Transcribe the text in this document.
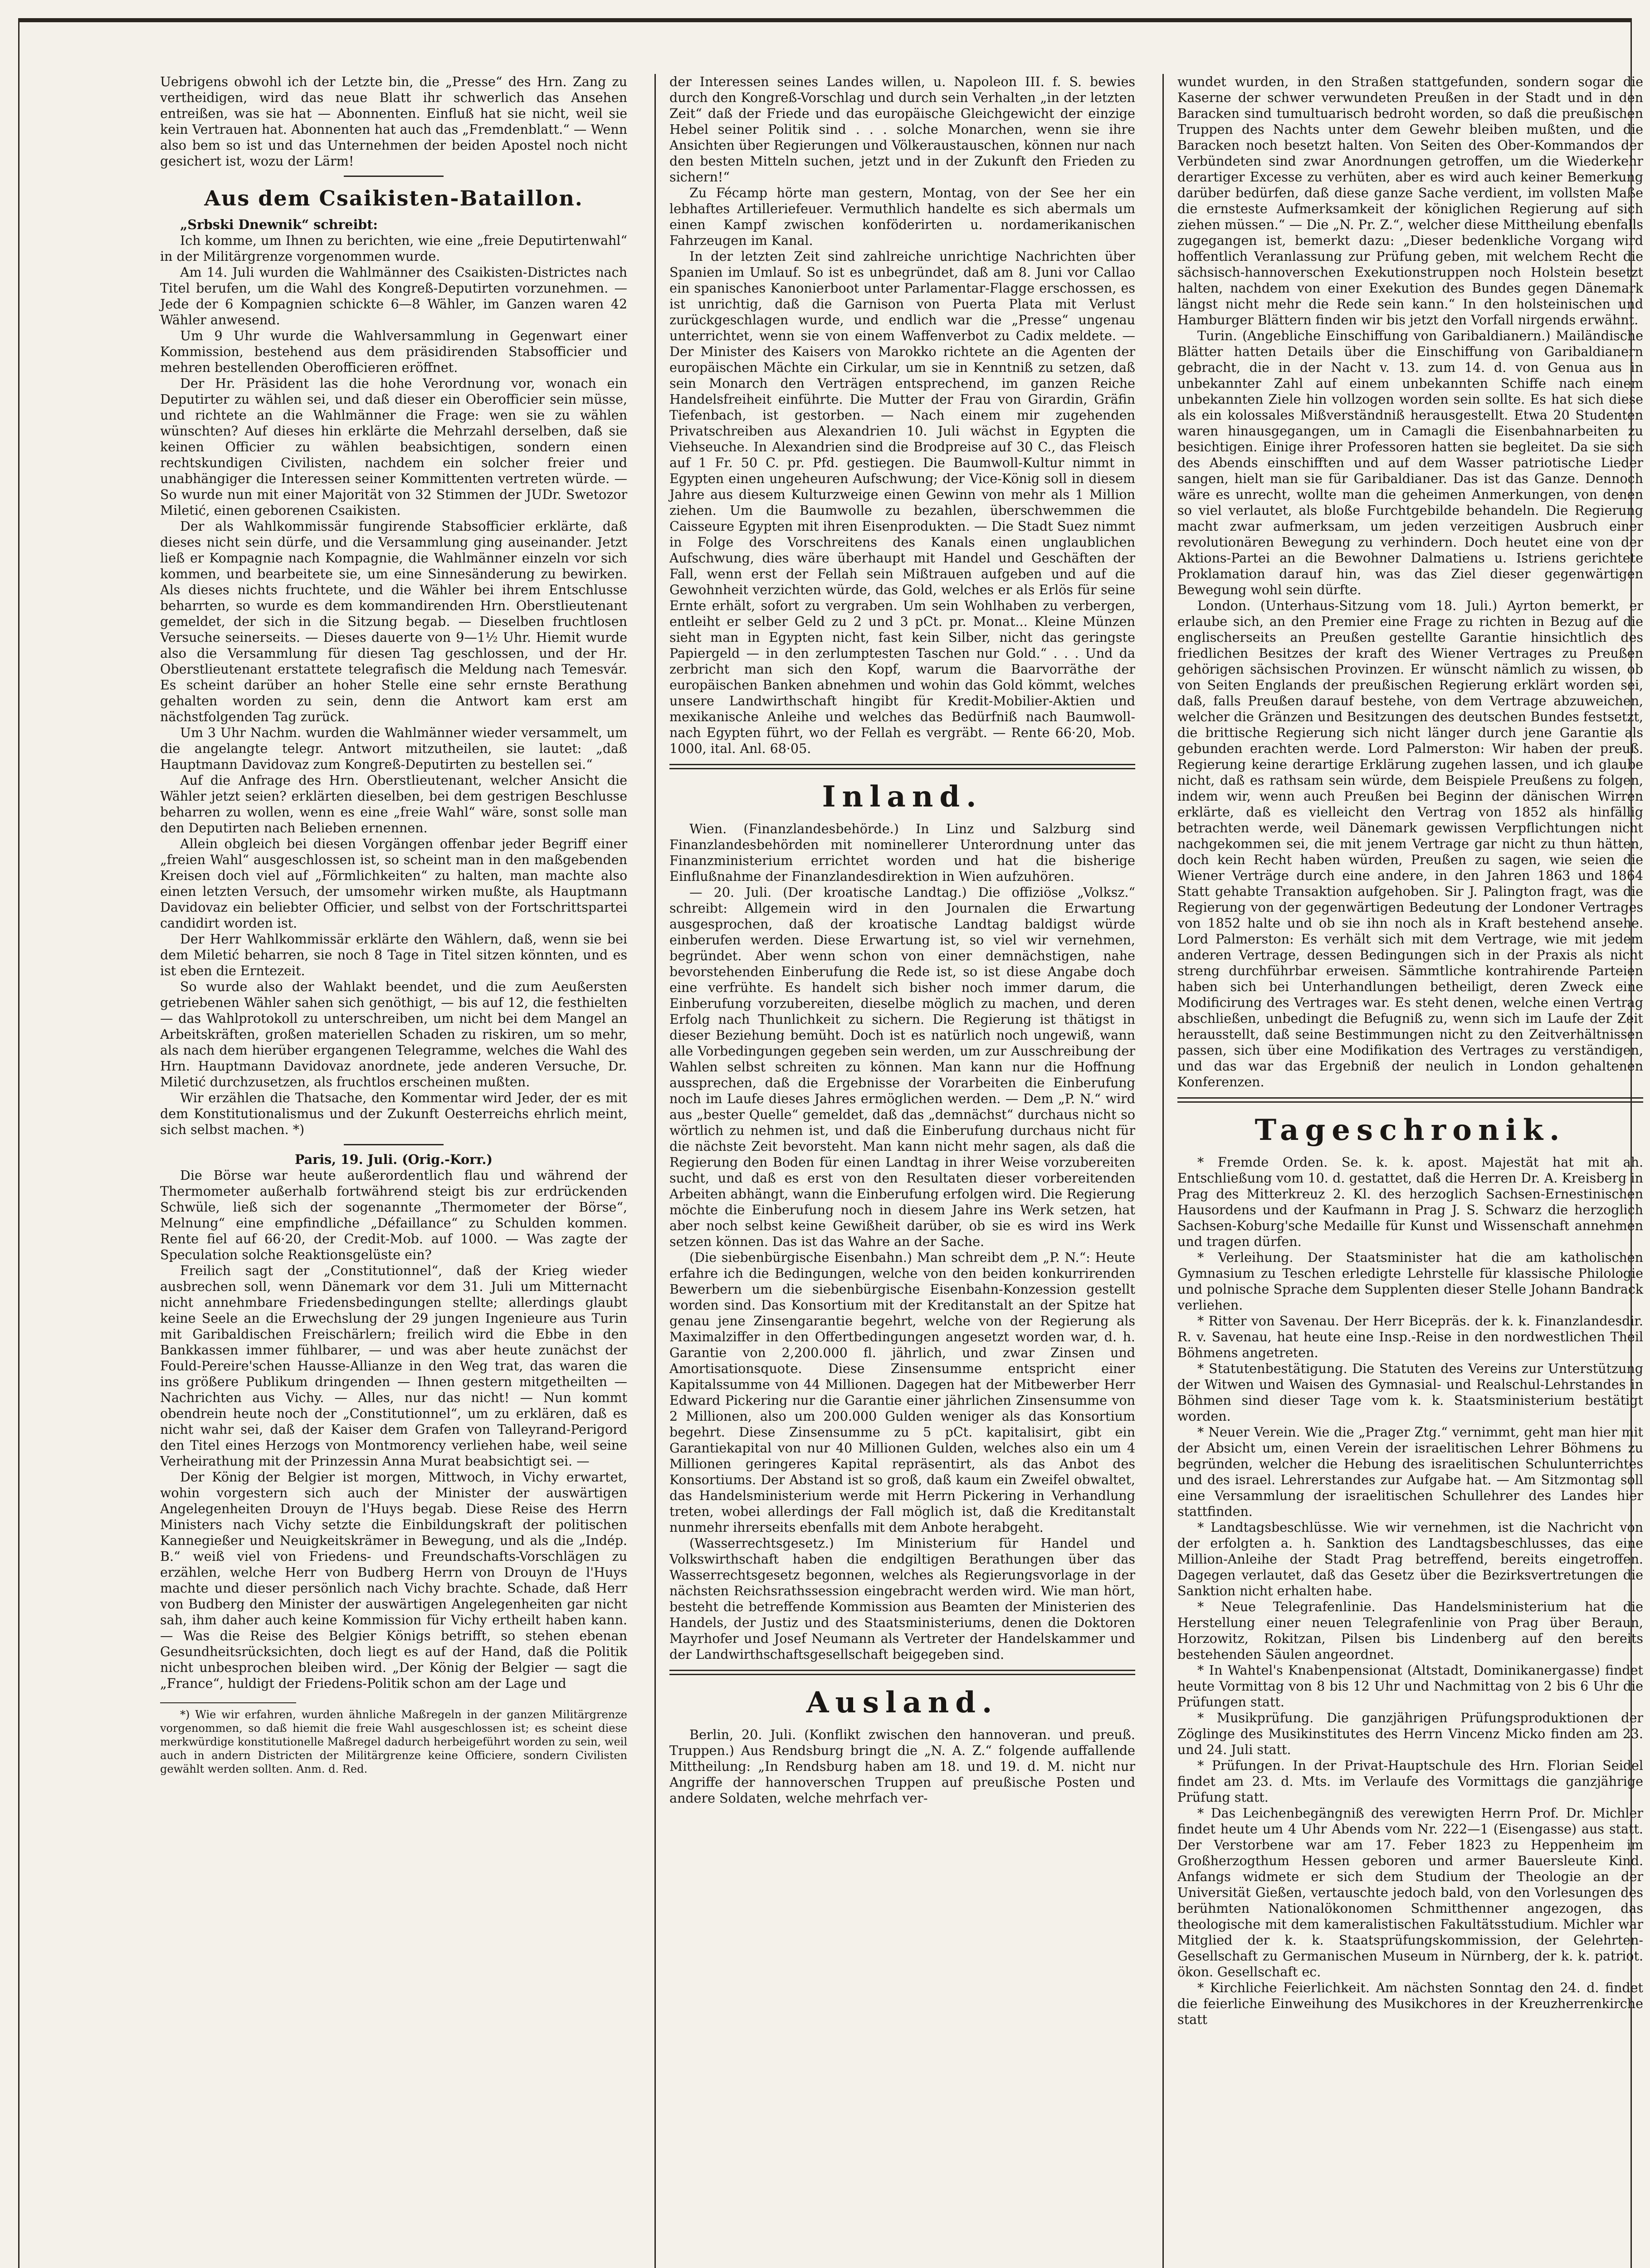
Uebrigens obwohl ich der Letzte bin, die „Presse“ des Hrn. Zang zu vertheidigen, wird das neue Blatt ihr schwerlich das Ansehen entreißen, was sie hat — Abonnenten. Einfluß hat sie nicht, weil sie kein Vertrauen hat. Abonnenten hat auch das „Fremdenblatt.“ — Wenn also bem so ist und das Unternehmen der beiden Apostel noch nicht gesichert ist, wozu der Lärm!

Aus dem Csaikisten-Bataillon.

„Srbski Dnewnik“ schreibt:

Ich komme, um Ihnen zu berichten, wie eine „freie Deputirtenwahl“ in der Militärgrenze vorgenommen wurde.

Am 14. Juli wurden die Wahlmänner des Csaikisten-Districtes nach Titel berufen, um die Wahl des Kongreß-Deputirten vorzunehmen. — Jede der 6 Kompagnien schickte 6—8 Wähler, im Ganzen waren 42 Wähler anwesend.

Um 9 Uhr wurde die Wahlversammlung in Gegenwart einer Kommission, bestehend aus dem präsidirenden Stabsofficier und mehren bestellenden Oberofficieren eröffnet.

Der Hr. Präsident las die hohe Verordnung vor, wonach ein Deputirter zu wählen sei, und daß dieser ein Oberofficier sein müsse, und richtete an die Wahlmänner die Frage: wen sie zu wählen wünschten? Auf dieses hin erklärte die Mehrzahl derselben, daß sie keinen Officier zu wählen beabsichtigen, sondern einen rechtskundigen Civilisten, nachdem ein solcher freier und unabhängiger die Interessen seiner Kommittenten vertreten würde. — So wurde nun mit einer Majorität von 32 Stimmen der JUDr. Swetozor Miletić, einen geborenen Csaikisten.

Der als Wahlkommissär fungirende Stabsofficier erklärte, daß dieses nicht sein dürfe, und die Versammlung ging auseinander. Jetzt ließ er Kompagnie nach Kompagnie, die Wahlmänner einzeln vor sich kommen, und bearbeitete sie, um eine Sinnesänderung zu bewirken. Als dieses nichts fruchtete, und die Wähler bei ihrem Entschlusse beharrten, so wurde es dem kommandirenden Hrn. Oberstlieutenant gemeldet, der sich in die Sitzung begab. — Dieselben fruchtlosen Versuche seinerseits. — Dieses dauerte von 9—1½ Uhr. Hiemit wurde also die Versammlung für diesen Tag geschlossen, und der Hr. Oberstlieutenant erstattete telegrafisch die Meldung nach Temesvár. Es scheint darüber an hoher Stelle eine sehr ernste Berathung gehalten worden zu sein, denn die Antwort kam erst am nächstfolgenden Tag zurück.

Um 3 Uhr Nachm. wurden die Wahlmänner wieder versammelt, um die angelangte telegr. Antwort mitzutheilen, sie lautet: „daß Hauptmann Davidovaz zum Kongreß-Deputirten zu bestellen sei.“

Auf die Anfrage des Hrn. Oberstlieutenant, welcher Ansicht die Wähler jetzt seien? erklärten dieselben, bei dem gestrigen Beschlusse beharren zu wollen, wenn es eine „freie Wahl“ wäre, sonst solle man den Deputirten nach Belieben ernennen.

Allein obgleich bei diesen Vorgängen offenbar jeder Begriff einer „freien Wahl“ ausgeschlossen ist, so scheint man in den maßgebenden Kreisen doch viel auf „Förmlichkeiten“ zu halten, man machte also einen letzten Versuch, der umsomehr wirken mußte, als Hauptmann Davidovaz ein beliebter Officier, und selbst von der Fortschrittspartei candidirt worden ist.

Der Herr Wahlkommissär erklärte den Wählern, daß, wenn sie bei dem Miletić beharren, sie noch 8 Tage in Titel sitzen könnten, und es ist eben die Erntezeit.

So wurde also der Wahlakt beendet, und die zum Aeußersten getriebenen Wähler sahen sich genöthigt, — bis auf 12, die festhielten — das Wahlprotokoll zu unterschreiben, um nicht bei dem Mangel an Arbeitskräften, großen materiellen Schaden zu riskiren, um so mehr, als nach dem hierüber ergangenen Telegramme, welches die Wahl des Hrn. Hauptmann Davidovaz anordnete, jede anderen Versuche, Dr. Miletić durchzusetzen, als fruchtlos erscheinen mußten.

Wir erzählen die Thatsache, den Kommentar wird Jeder, der es mit dem Konstitutionalismus und der Zukunft Oesterreichs ehrlich meint, sich selbst machen. *)

Paris, 19. Juli. (Orig.-Korr.)

Die Börse war heute außerordentlich flau und während der Thermometer außerhalb fortwährend steigt bis zur erdrückenden Schwüle, ließ sich der sogenannte „Thermometer der Börse“, Melnung“ eine empfindliche „Défaillance“ zu Schulden kommen. Rente fiel auf 66·20, der Credit-Mob. auf 1000. — Was zagte der Speculation solche Reaktionsgelüste ein?

Freilich sagt der „Constitutionnel“, daß der Krieg wieder ausbrechen soll, wenn Dänemark vor dem 31. Juli um Mitternacht nicht annehmbare Friedensbedingungen stellte; allerdings glaubt keine Seele an die Erwechslung der 29 jungen Ingenieure aus Turin mit Garibaldischen Freischärlern; freilich wird die Ebbe in den Bankkassen immer fühlbarer, — und was aber heute zunächst der Fould-Pereire'schen Hausse-Allianze in den Weg trat, das waren die ins größere Publikum dringenden — Ihnen gestern mitgetheilten — Nachrichten aus Vichy. — Alles, nur das nicht! — Nun kommt obendrein heute noch der „Constitutionnel“, um zu erklären, daß es nicht wahr sei, daß der Kaiser dem Grafen von Talleyrand-Perigord den Titel eines Herzogs von Montmorency verliehen habe, weil seine Verheirathung mit der Prinzessin Anna Murat beabsichtigt sei. —

Der König der Belgier ist morgen, Mittwoch, in Vichy erwartet, wohin vorgestern sich auch der Minister der auswärtigen Angelegenheiten Drouyn de l'Huys begab. Diese Reise des Herrn Ministers nach Vichy setzte die Einbildungskraft der politischen Kannegießer und Neuigkeitskrämer in Bewegung, und als die „Indép. B.“ weiß viel von Friedens- und Freundschafts-Vorschlägen zu erzählen, welche Herr von Budberg Herrn von Drouyn de l'Huys machte und dieser persönlich nach Vichy brachte. Schade, daß Herr von Budberg den Minister der auswärtigen Angelegenheiten gar nicht sah, ihm daher auch keine Kommission für Vichy ertheilt haben kann. — Was die Reise des Belgier Königs betrifft, so stehen ebenan Gesundheitsrücksichten, doch liegt es auf der Hand, daß die Politik nicht unbesprochen bleiben wird. „Der König der Belgier — sagt die „France“, huldigt der Friedens-Politik schon am der Lage und

*) Wie wir erfahren, wurden ähnliche Maßregeln in der ganzen Militärgrenze vorgenommen, so daß hiemit die freie Wahl ausgeschlossen ist; es scheint diese merkwürdige konstitutionelle Maßregel dadurch herbeigeführt worden zu sein, weil auch in andern Districten der Militärgrenze keine Officiere, sondern Civilisten gewählt werden sollten. Anm. d. Red.

der Interessen seines Landes willen, u. Napoleon III. f. S. bewies durch den Kongreß-Vorschlag und durch sein Verhalten „in der letzten Zeit“ daß der Friede und das europäische Gleichgewicht der einzige Hebel seiner Politik sind . . . solche Monarchen, wenn sie ihre Ansichten über Regierungen und Völkeraustauschen, können nur nach den besten Mitteln suchen, jetzt und in der Zukunft den Frieden zu sichern!“

Zu Fécamp hörte man gestern, Montag, von der See her ein lebhaftes Artilleriefeuer. Vermuthlich handelte es sich abermals um einen Kampf zwischen konföderirten u. nordamerikanischen Fahrzeugen im Kanal.

In der letzten Zeit sind zahlreiche unrichtige Nachrichten über Spanien im Umlauf. So ist es unbegründet, daß am 8. Juni vor Callao ein spanisches Kanonierboot unter Parlamentar-Flagge erschossen, es ist unrichtig, daß die Garnison von Puerta Plata mit Verlust zurückgeschlagen wurde, und endlich war die „Presse“ ungenau unterrichtet, wenn sie von einem Waffenverbot zu Cadix meldete. — Der Minister des Kaisers von Marokko richtete an die Agenten der europäischen Mächte ein Cirkular, um sie in Kenntniß zu setzen, daß sein Monarch den Verträgen entsprechend, im ganzen Reiche Handelsfreiheit einführte. Die Mutter der Frau von Girardin, Gräfin Tiefenbach, ist gestorben. — Nach einem mir zugehenden Privatschreiben aus Alexandrien 10. Juli wächst in Egypten die Viehseuche. In Alexandrien sind die Brodpreise auf 30 C., das Fleisch auf 1 Fr. 50 C. pr. Pfd. gestiegen. Die Baumwoll-Kultur nimmt in Egypten einen ungeheuren Aufschwung; der Vice-König soll in diesem Jahre aus diesem Kulturzweige einen Gewinn von mehr als 1 Million ziehen. Um die Baumwolle zu bezahlen, überschwemmen die Caisseure Egypten mit ihren Eisenprodukten. — Die Stadt Suez nimmt in Folge des Vorschreitens des Kanals einen unglaublichen Aufschwung, dies wäre überhaupt mit Handel und Geschäften der Fall, wenn erst der Fellah sein Mißtrauen aufgeben und auf die Gewohnheit verzichten würde, das Gold, welches er als Erlös für seine Ernte erhält, sofort zu vergraben. Um sein Wohlhaben zu verbergen, entleiht er selber Geld zu 2 und 3 pCt. pr. Monat... Kleine Münzen sieht man in Egypten nicht, fast kein Silber, nicht das geringste Papiergeld — in den zerlumptesten Taschen nur Gold.“ . . . Und da zerbricht man sich den Kopf, warum die Baarvorräthe der europäischen Banken abnehmen und wohin das Gold kömmt, welches unsere Landwirthschaft hingibt für Kredit-Mobilier-Aktien und mexikanische Anleihe und welches das Bedürfniß nach Baumwoll- nach Egypten führt, wo der Fellah es vergräbt. — Rente 66·20, Mob. 1000, ital. Anl. 68·05.

Inland.

Wien. (Finanzlandesbehörde.) In Linz und Salzburg sind Finanzlandesbehörden mit nominellerer Unterordnung unter das Finanzministerium errichtet worden und hat die bisherige Einflußnahme der Finanzlandesdirektion in Wien aufzuhören.

— 20. Juli. (Der kroatische Landtag.) Die offiziöse „Volksz.“ schreibt: Allgemein wird in den Journalen die Erwartung ausgesprochen, daß der kroatische Landtag baldigst würde einberufen werden. Diese Erwartung ist, so viel wir vernehmen, begründet. Aber wenn schon von einer demnächstigen, nahe bevorstehenden Einberufung die Rede ist, so ist diese Angabe doch eine verfrühte. Es handelt sich bisher noch immer darum, die Einberufung vorzubereiten, dieselbe möglich zu machen, und deren Erfolg nach Thunlichkeit zu sichern. Die Regierung ist thätigst in dieser Beziehung bemüht. Doch ist es natürlich noch ungewiß, wann alle Vorbedingungen gegeben sein werden, um zur Ausschreibung der Wahlen selbst schreiten zu können. Man kann nur die Hoffnung aussprechen, daß die Ergebnisse der Vorarbeiten die Einberufung noch im Laufe dieses Jahres ermöglichen werden. — Dem „P. N.“ wird aus „bester Quelle“ gemeldet, daß das „demnächst“ durchaus nicht so wörtlich zu nehmen ist, und daß die Einberufung durchaus nicht für die nächste Zeit bevorsteht. Man kann nicht mehr sagen, als daß die Regierung den Boden für einen Landtag in ihrer Weise vorzubereiten sucht, und daß es erst von den Resultaten dieser vorbereitenden Arbeiten abhängt, wann die Einberufung erfolgen wird. Die Regierung möchte die Einberufung noch in diesem Jahre ins Werk setzen, hat aber noch selbst keine Gewißheit darüber, ob sie es wird ins Werk setzen können. Das ist das Wahre an der Sache.

(Die siebenbürgische Eisenbahn.) Man schreibt dem „P. N.“: Heute erfahre ich die Bedingungen, welche von den beiden konkurrirenden Bewerbern um die siebenbürgische Eisenbahn-Konzession gestellt worden sind. Das Konsortium mit der Kreditanstalt an der Spitze hat genau jene Zinsengarantie begehrt, welche von der Regierung als Maximalziffer in den Offertbedingungen angesetzt worden war, d. h. Garantie von 2,200.000 fl. jährlich, und zwar Zinsen und Amortisationsquote. Diese Zinsensumme entspricht einer Kapitalssumme von 44 Millionen. Dagegen hat der Mitbewerber Herr Edward Pickering nur die Garantie einer jährlichen Zinsensumme von 2 Millionen, also um 200.000 Gulden weniger als das Konsortium begehrt. Diese Zinsensumme zu 5 pCt. kapitalisirt, gibt ein Garantiekapital von nur 40 Millionen Gulden, welches also ein um 4 Millionen geringeres Kapital repräsentirt, als das Anbot des Konsortiums. Der Abstand ist so groß, daß kaum ein Zweifel obwaltet, das Handelsministerium werde mit Herrn Pickering in Verhandlung treten, wobei allerdings der Fall möglich ist, daß die Kreditanstalt nunmehr ihrerseits ebenfalls mit dem Anbote herabgeht.

(Wasserrechtsgesetz.) Im Ministerium für Handel und Volkswirthschaft haben die endgiltigen Berathungen über das Wasserrechtsgesetz begonnen, welches als Regierungsvorlage in der nächsten Reichsrathssession eingebracht werden wird. Wie man hört, besteht die betreffende Kommission aus Beamten der Ministerien des Handels, der Justiz und des Staatsministeriums, denen die Doktoren Mayrhofer und Josef Neumann als Vertreter der Handelskammer und der Landwirthschaftsgesellschaft beigegeben sind.

Ausland.

Berlin, 20. Juli. (Konflikt zwischen den hannoveran. und preuß. Truppen.) Aus Rendsburg bringt die „N. A. Z.“ folgende auffallende Mittheilung: „In Rendsburg haben am 18. und 19. d. M. nicht nur Angriffe der hannoverschen Truppen auf preußische Posten und andere Soldaten, welche mehrfach ver-

wundet wurden, in den Straßen stattgefunden, sondern sogar die Kaserne der schwer verwundeten Preußen in der Stadt und in den Baracken sind tumultuarisch bedroht worden, so daß die preußischen Truppen des Nachts unter dem Gewehr bleiben mußten, und die Baracken noch besetzt halten. Von Seiten des Ober-Kommandos der Verbündeten sind zwar Anordnungen getroffen, um die Wiederkehr derartiger Excesse zu verhüten, aber es wird auch keiner Bemerkung darüber bedürfen, daß diese ganze Sache verdient, im vollsten Maße die ernsteste Aufmerksamkeit der königlichen Regierung auf sich ziehen müssen.“ — Die „N. Pr. Z.“, welcher diese Mittheilung ebenfalls zugegangen ist, bemerkt dazu: „Dieser bedenkliche Vorgang wird hoffentlich Veranlassung zur Prüfung geben, mit welchem Recht die sächsisch-hannoverschen Exekutionstruppen noch Holstein besetzt halten, nachdem von einer Exekution des Bundes gegen Dänemark längst nicht mehr die Rede sein kann.“ In den holsteinischen und Hamburger Blättern finden wir bis jetzt den Vorfall nirgends erwähnt.

Turin. (Angebliche Einschiffung von Garibaldianern.) Mailändische Blätter hatten Details über die Einschiffung von Garibaldianern gebracht, die in der Nacht v. 13. zum 14. d. von Genua aus in unbekannter Zahl auf einem unbekannten Schiffe nach einem unbekannten Ziele hin vollzogen worden sein sollte. Es hat sich diese als ein kolossales Mißverständniß herausgestellt. Etwa 20 Studenten waren hinausgegangen, um in Camagli die Eisenbahnarbeiten zu besichtigen. Einige ihrer Professoren hatten sie begleitet. Da sie sich des Abends einschifften und auf dem Wasser patriotische Lieder sangen, hielt man sie für Garibaldianer. Das ist das Ganze. Dennoch wäre es unrecht, wollte man die geheimen Anmerkungen, von denen so viel verlautet, als bloße Furchtgebilde behandeln. Die Regierung macht zwar aufmerksam, um jeden verzeitigen Ausbruch einer revolutionären Bewegung zu verhindern. Doch heutet eine von der Aktions-Partei an die Bewohner Dalmatiens u. Istriens gerichtete Proklamation darauf hin, was das Ziel dieser gegenwärtigen Bewegung wohl sein dürfte.

London. (Unterhaus-Sitzung vom 18. Juli.) Ayrton bemerkt, er erlaube sich, an den Premier eine Frage zu richten in Bezug auf die englischerseits an Preußen gestellte Garantie hinsichtlich des friedlichen Besitzes der kraft des Wiener Vertrages zu Preußen gehörigen sächsischen Provinzen. Er wünscht nämlich zu wissen, ob von Seiten Englands der preußischen Regierung erklärt worden sei, daß, falls Preußen darauf bestehe, von dem Vertrage abzuweichen, welcher die Gränzen und Besitzungen des deutschen Bundes festsetzt, die brittische Regierung sich nicht länger durch jene Garantie als gebunden erachten werde. Lord Palmerston: Wir haben der preuß. Regierung keine derartige Erklärung zugehen lassen, und ich glaube nicht, daß es rathsam sein würde, dem Beispiele Preußens zu folgen, indem wir, wenn auch Preußen bei Beginn der dänischen Wirren erklärte, daß es vielleicht den Vertrag von 1852 als hinfällig betrachten werde, weil Dänemark gewissen Verpflichtungen nicht nachgekommen sei, die mit jenem Vertrage gar nicht zu thun hätten, doch kein Recht haben würden, Preußen zu sagen, wie seien die Wiener Verträge durch eine andere, in den Jahren 1863 und 1864 Statt gehabte Transaktion aufgehoben. Sir J. Palington fragt, was die Regierung von der gegenwärtigen Bedeutung der Londoner Vertrages von 1852 halte und ob sie ihn noch als in Kraft bestehend ansehe. Lord Palmerston: Es verhält sich mit dem Vertrage, wie mit jedem anderen Vertrage, dessen Bedingungen sich in der Praxis als nicht streng durchführbar erweisen. Sämmtliche kontrahirende Parteien haben sich bei Unterhandlungen betheiligt, deren Zweck eine Modificirung des Vertrages war. Es steht denen, welche einen Vertrag abschließen, unbedingt die Befugniß zu, wenn sich im Laufe der Zeit herausstellt, daß seine Bestimmungen nicht zu den Zeitverhältnissen passen, sich über eine Modifikation des Vertrages zu verständigen, und das war das Ergebniß der neulich in London gehaltenen Konferenzen.

Tageschronik.

* Fremde Orden. Se. k. k. apost. Majestät hat mit ah. Entschließung vom 10. d. gestattet, daß die Herren Dr. A. Kreisberg in Prag des Mitterkreuz 2. Kl. des herzoglich Sachsen-Ernestinischen Hausordens und der Kaufmann in Prag J. S. Schwarz die herzoglich Sachsen-Koburg'sche Medaille für Kunst und Wissenschaft annehmen und tragen dürfen.

* Verleihung. Der Staatsminister hat die am katholischen Gymnasium zu Teschen erledigte Lehrstelle für klassische Philologie und polnische Sprache dem Supplenten dieser Stelle Johann Bandrack verliehen.

* Ritter von Savenau. Der Herr Bicepräs. der k. k. Finanzlandesdir. R. v. Savenau, hat heute eine Insp.-Reise in den nordwestlichen Theil Böhmens angetreten.

* Statutenbestätigung. Die Statuten des Vereins zur Unterstützung der Witwen und Waisen des Gymnasial- und Realschul-Lehrstandes in Böhmen sind dieser Tage vom k. k. Staatsministerium bestätigt worden.

* Neuer Verein. Wie die „Prager Ztg.“ vernimmt, geht man hier mit der Absicht um, einen Verein der israelitischen Lehrer Böhmens zu begründen, welcher die Hebung des israelitischen Schulunterrichtes und des israel. Lehrerstandes zur Aufgabe hat. — Am Sitzmontag soll eine Versammlung der israelitischen Schullehrer des Landes hier stattfinden.

* Landtagsbeschlüsse. Wie wir vernehmen, ist die Nachricht von der erfolgten a. h. Sanktion des Landtagsbeschlusses, das eine Million-Anleihe der Stadt Prag betreffend, bereits eingetroffen. Dagegen verlautet, daß das Gesetz über die Bezirksvertretungen die Sanktion nicht erhalten habe.

* Neue Telegrafenlinie. Das Handelsministerium hat die Herstellung einer neuen Telegrafenlinie von Prag über Beraun, Horzowitz, Rokitzan, Pilsen bis Lindenberg auf den bereits bestehenden Säulen angeordnet.

* In Wahtel's Knabenpensionat (Altstadt, Dominikanergasse) findet heute Vormittag von 8 bis 12 Uhr und Nachmittag von 2 bis 6 Uhr die Prüfungen statt.

* Musikprüfung. Die ganzjährigen Prüfungsproduktionen der Zöglinge des Musikinstitutes des Herrn Vincenz Micko finden am 23. und 24. Juli statt.

* Prüfungen. In der Privat-Hauptschule des Hrn. Florian Seidel findet am 23. d. Mts. im Verlaufe des Vormittags die ganzjährige Prüfung statt.

* Das Leichenbegängniß des verewigten Herrn Prof. Dr. Michler findet heute um 4 Uhr Abends vom Nr. 222—1 (Eisengasse) aus statt. Der Verstorbene war am 17. Feber 1823 zu Heppenheim im Großherzogthum Hessen geboren und armer Bauersleute Kind. Anfangs widmete er sich dem Studium der Theologie an der Universität Gießen, vertauschte jedoch bald, von den Vorlesungen des berühmten Nationalökonomen Schmitthenner angezogen, das theologische mit dem kameralistischen Fakultätsstudium. Michler war Mitglied der k. k. Staatsprüfungskommission, der Gelehrten-Gesellschaft zu Germanischen Museum in Nürnberg, der k. k. patriot. ökon. Gesellschaft ec.

* Kirchliche Feierlichkeit. Am nächsten Sonntag den 24. d. findet die feierliche Einweihung des Musikchores in der Kreuzherrenkirche statt
